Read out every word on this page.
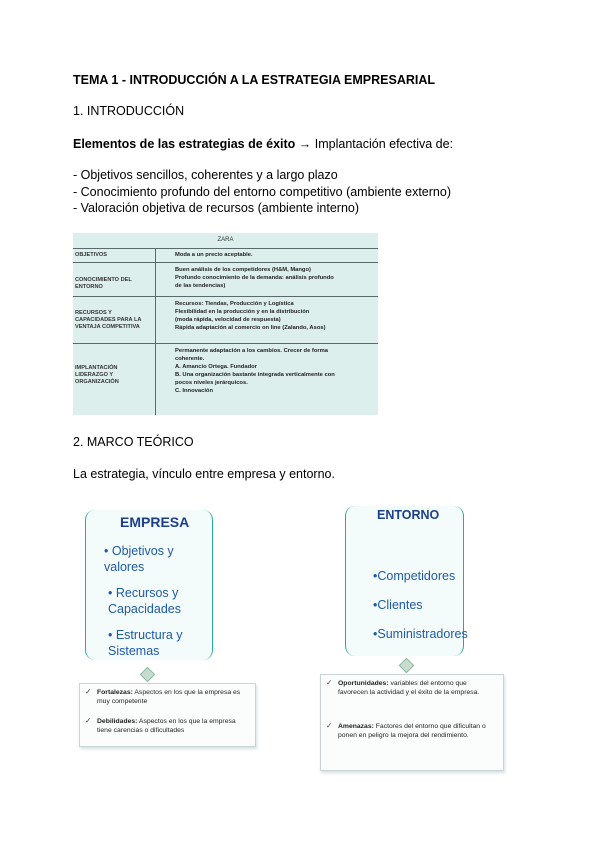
TEMA 1 - INTRODUCCIÓN A LA ESTRATEGIA EMPRESARIAL
1. INTRODUCCIÓN
Elementos de las estrategias de éxito → Implantación efectiva de:
- Objetivos sencillos, coherentes y a largo plazo
- Conocimiento profundo del entorno competitivo (ambiente externo)
- Valoración objetiva de recursos (ambiente interno)
ZARA
OBJETIVOS	Moda a un precio aceptable.
CONOCIMIENTO DEL ENTORNO
Buen análisis de los competidores (H&M, Mango)
Profundo conocimiento de la demanda: análisis profundo
de las tendencias)
RECURSOS Y CAPACIDADES PARA LA VENTAJA COMPETITIVA
Recursos: Tiendas, Producción y Logística
Flexibilidad en la producción y en la distribución
(moda rápida, velocidad de respuesta)
Rápida adaptación al comercio on line (Zalando, Asos)
IMPLANTACIÓN LIDERAZGO Y ORGANIZACIÓN
Permanente adaptación a los cambios. Crecer de forma
coherente.
A. Amancio Ortega. Fundador
B. Una organización bastante integrada verticalmente con
pocos niveles jerárquicos.
C. Innovación
2. MARCO TEÓRICO
La estrategia, vínculo entre empresa y entorno.
EMPRESA
• Objetivos y valores
• Recursos y Capacidades
• Estructura y Sistemas
ENTORNO
•Competidores
•Clientes
•Suministradores
✓ Fortalezas: Aspectos en los que la empresa es muy competente
✓ Debilidades: Aspectos en los que la empresa tiene carencias o dificultades
✓ Oportunidades: variables del entorno que favorecen la actividad y el éxito de la empresa.
✓ Amenazas: Factores del entorno que dificultan o ponen en peligro la mejora del rendimiento.
